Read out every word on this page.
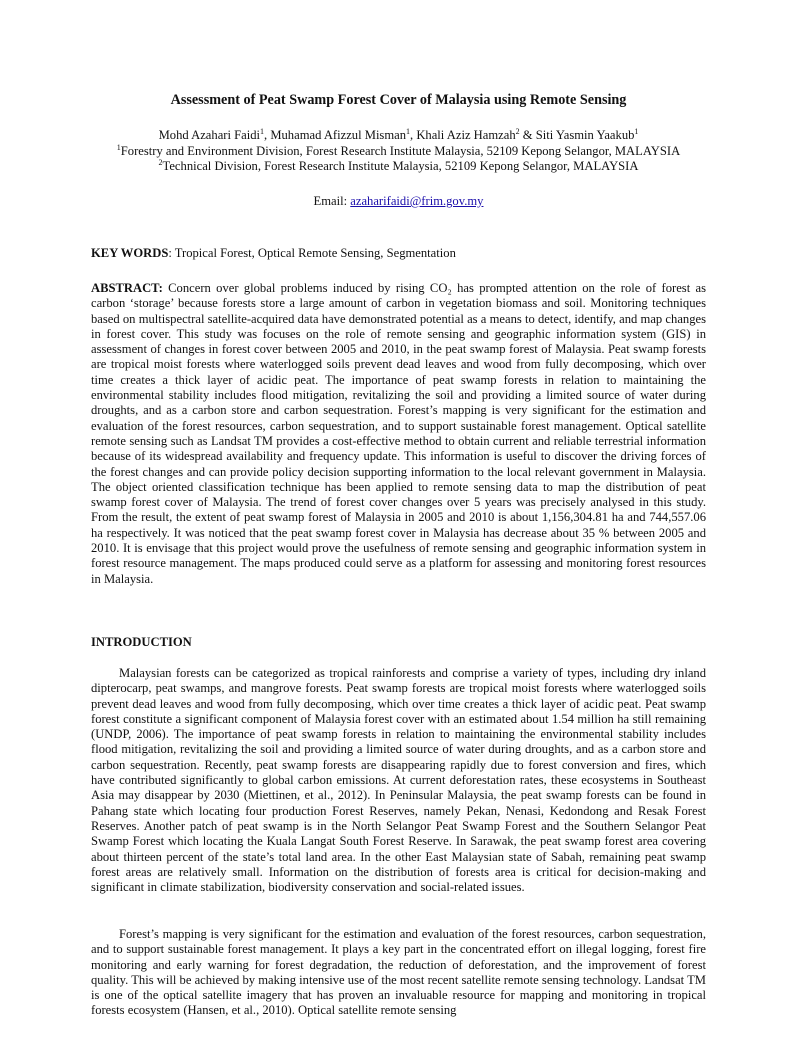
Assessment of Peat Swamp Forest Cover of Malaysia using Remote Sensing
Mohd Azahari Faidi$^1$, Muhamad Afizzul Misman$^1$, Khali Aziz Hamzah$^2$ & Siti Yasmin Yaakub$^1$
$^1$Forestry and Environment Division, Forest Research Institute Malaysia, 52109 Kepong Selangor, MALAYSIA
$^2$Technical Division, Forest Research Institute Malaysia, 52109 Kepong Selangor, MALAYSIA
Email: azaharifaidi@frim.gov.my
KEY WORDS: Tropical Forest, Optical Remote Sensing, Segmentation
ABSTRACT: Concern over global problems induced by rising CO₂ has prompted attention on the role of forest as carbon ‘storage’ because forests store a large amount of carbon in vegetation biomass and soil. Monitoring techniques based on multispectral satellite-acquired data have demonstrated potential as a means to detect, identify, and map changes in forest cover. This study was focuses on the role of remote sensing and geographic information system (GIS) in assessment of changes in forest cover between 2005 and 2010, in the peat swamp forest of Malaysia. Peat swamp forests are tropical moist forests where waterlogged soils prevent dead leaves and wood from fully decomposing, which over time creates a thick layer of acidic peat. The importance of peat swamp forests in relation to maintaining the environmental stability includes flood mitigation, revitalizing the soil and providing a limited source of water during droughts, and as a carbon store and carbon sequestration. Forest’s mapping is very significant for the estimation and evaluation of the forest resources, carbon sequestration, and to support sustainable forest management. Optical satellite remote sensing such as Landsat TM provides a cost-effective method to obtain current and reliable terrestrial information because of its widespread availability and frequency update. This information is useful to discover the driving forces of the forest changes and can provide policy decision supporting information to the local relevant government in Malaysia. The object oriented classification technique has been applied to remote sensing data to map the distribution of peat swamp forest cover of Malaysia. The trend of forest cover changes over 5 years was precisely analysed in this study. From the result, the extent of peat swamp forest of Malaysia in 2005 and 2010 is about 1,156,304.81 ha and 744,557.06 ha respectively. It was noticed that the peat swamp forest cover in Malaysia has decrease about 35 % between 2005 and 2010. It is envisage that this project would prove the usefulness of remote sensing and geographic information system in forest resource management. The maps produced could serve as a platform for assessing and monitoring forest resources in Malaysia.
INTRODUCTION
Malaysian forests can be categorized as tropical rainforests and comprise a variety of types, including dry inland dipterocarp, peat swamps, and mangrove forests. Peat swamp forests are tropical moist forests where waterlogged soils prevent dead leaves and wood from fully decomposing, which over time creates a thick layer of acidic peat. Peat swamp forest constitute a significant component of Malaysia forest cover with an estimated about 1.54 million ha still remaining (UNDP, 2006). The importance of peat swamp forests in relation to maintaining the environmental stability includes flood mitigation, revitalizing the soil and providing a limited source of water during droughts, and as a carbon store and carbon sequestration. Recently, peat swamp forests are disappearing rapidly due to forest conversion and fires, which have contributed significantly to global carbon emissions. At current deforestation rates, these ecosystems in Southeast Asia may disappear by 2030 (Miettinen, et al., 2012). In Peninsular Malaysia, the peat swamp forests can be found in Pahang state which locating four production Forest Reserves, namely Pekan, Nenasi, Kedondong and Resak Forest Reserves. Another patch of peat swamp is in the North Selangor Peat Swamp Forest and the Southern Selangor Peat Swamp Forest which locating the Kuala Langat South Forest Reserve. In Sarawak, the peat swamp forest area covering about thirteen percent of the state’s total land area. In the other East Malaysian state of Sabah, remaining peat swamp forest areas are relatively small. Information on the distribution of forests area is critical for decision-making and significant in climate stabilization, biodiversity conservation and social-related issues.
Forest’s mapping is very significant for the estimation and evaluation of the forest resources, carbon sequestration, and to support sustainable forest management. It plays a key part in the concentrated effort on illegal logging, forest fire monitoring and early warning for forest degradation, the reduction of deforestation, and the improvement of forest quality. This will be achieved by making intensive use of the most recent satellite remote sensing technology. Landsat TM is one of the optical satellite imagery that has proven an invaluable resource for mapping and monitoring in tropical forests ecosystem (Hansen, et al., 2010). Optical satellite remote sensing
